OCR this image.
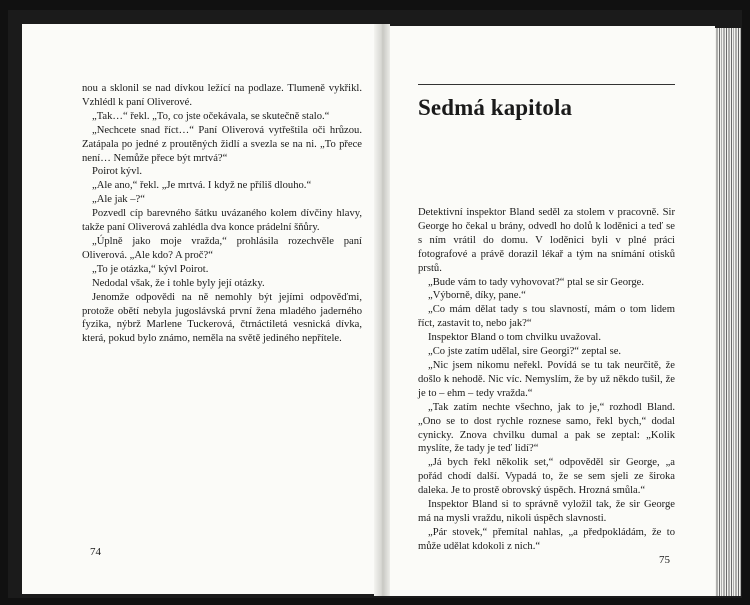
nou a sklonil se nad dívkou ležící na podlaze. Tlumeně vykřikl. Vzhlédl k paní Oliverové.

„Tak…“ řekl. „To, co jste očekávala, se skutečně stalo.“

„Nechcete snad říct…“ Paní Oliverová vytřeštila oči hrůzou. Zatápala po jedné z proutěných židlí a svezla se na ni. „To přece není… Nemůže přece být mrtvá?“

Poirot kývl.

„Ale ano,“ řekl. „Je mrtvá. I když ne příliš dlouho.“

„Ale jak –?“

Pozvedl cíp barevného šátku uvázaného kolem dívčiny hlavy, takže paní Oliverová zahlédla dva konce prádelní šňůry.

„Úplně jako moje vražda,“ prohlásila rozechvěle paní Oliverová. „Ale kdo? A proč?“

„To je otázka,“ kývl Poirot.

Nedodal však, že i tohle byly její otázky.

Jenomže odpovědi na ně nemohly být jejími odpověďmi, protože obětí nebyla jugoslávská první žena mladého jaderného fyzika, nýbrž Marlene Tuckerová, čtrnáctiletá vesnická dívka, která, pokud bylo známo, neměla na světě jediného nepřítele.

74
Sedmá kapitola

Detektivní inspektor Bland seděl za stolem v pracovně. Sir George ho čekal u brány, odvedl ho dolů k loděnici a teď se s ním vrátil do domu. V loděnici byli v plné práci fotografové a právě dorazil lékař a tým na snímání otisků prstů.

„Bude vám to tady vyhovovat?“ ptal se sir George.

„Výborně, díky, pane.“

„Co mám dělat tady s tou slavností, mám o tom lidem říct, zastavit to, nebo jak?“

Inspektor Bland o tom chvilku uvažoval.

„Co jste zatím udělal, sire Georgi?“ zeptal se.

„Nic jsem nikomu neřekl. Povídá se tu tak neurčitě, že došlo k nehodě. Nic víc. Nemyslím, že by už někdo tušil, že je to – ehm – tedy vražda.“

„Tak zatím nechte všechno, jak to je,“ rozhodl Bland. „Ono se to dost rychle roznese samo, řekl bych,“ dodal cynicky. Znova chvilku dumal a pak se zeptal: „Kolik myslíte, že tady je teď lidí?“

„Já bych řekl několik set,“ odpověděl sir George, „a pořád chodí další. Vypadá to, že se sem sjeli ze široka daleka. Je to prostě obrovský úspěch. Hrozná smůla.“

Inspektor Bland si to správně vyložil tak, že sir George má na mysli vraždu, nikoli úspěch slavnosti.

„Pár stovek,“ přemítal nahlas, „a předpokládám, že to může udělat kdokoli z nich.“

75
